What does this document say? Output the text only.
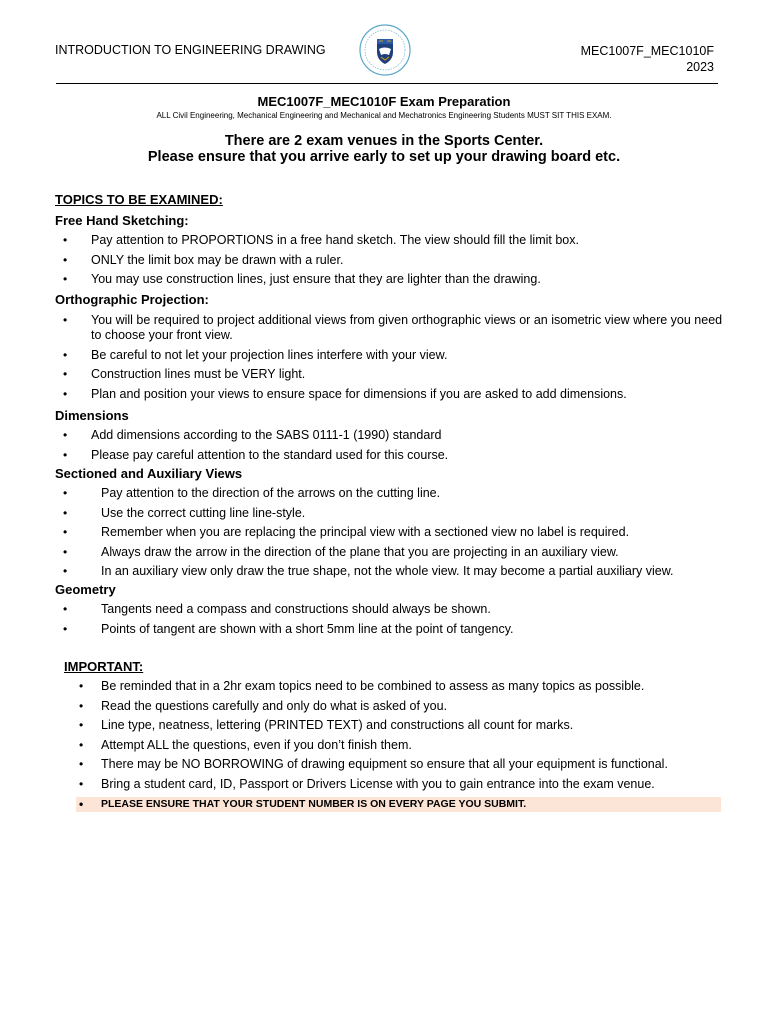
INTRODUCTION TO ENGINEERING DRAWING	MEC1007F_MEC1010F
2023
MEC1007F_MEC1010F Exam Preparation
ALL Civil Engineering, Mechanical Engineering and Mechanical and Mechatronics Engineering Students MUST SIT THIS EXAM.
There are 2 exam venues in the Sports Center.
Please ensure that you arrive early to set up your drawing board etc.
TOPICS TO BE EXAMINED:
Free Hand Sketching:
• Pay attention to PROPORTIONS in a free hand sketch. The view should fill the limit box.
• ONLY the limit box may be drawn with a ruler.
• You may use construction lines, just ensure that they are lighter than the drawing.
Orthographic Projection:
• You will be required to project additional views from given orthographic views or an isometric view where you need to choose your front view.
• Be careful to not let your projection lines interfere with your view.
• Construction lines must be VERY light.
• Plan and position your views to ensure space for dimensions if you are asked to add dimensions.
Dimensions
• Add dimensions according to the SABS 0111-1 (1990) standard
• Please pay careful attention to the standard used for this course.
Sectioned and Auxiliary Views
•	Pay attention to the direction of the arrows on the cutting line.
•	Use the correct cutting line line-style.
•	Remember when you are replacing the principal view with a sectioned view no label is required.
•	Always draw the arrow in the direction of the plane that you are projecting in an auxiliary view.
•	In an auxiliary view only draw the true shape, not the whole view. It may become a partial auxiliary view.
Geometry
•	Tangents need a compass and constructions should always be shown.
•	Points of tangent are shown with a short 5mm line at the point of tangency.
IMPORTANT:
• Be reminded that in a 2hr exam topics need to be combined to assess as many topics as possible.
• Read the questions carefully and only do what is asked of you.
• Line type, neatness, lettering (PRINTED TEXT) and constructions all count for marks.
• Attempt ALL the questions, even if you don’t finish them.
• There may be NO BORROWING of drawing equipment so ensure that all your equipment is functional.
• Bring a student card, ID, Passport or Drivers License with you to gain entrance into the exam venue.
• PLEASE ENSURE THAT YOUR STUDENT NUMBER IS ON EVERY PAGE YOU SUBMIT.
